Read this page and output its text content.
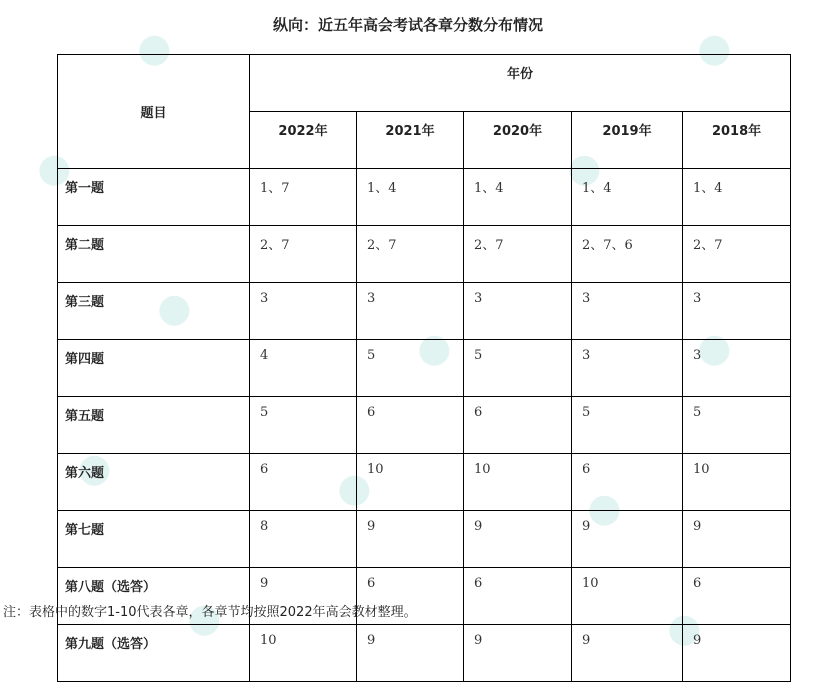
纵向：近五年高会考试各章分数分布情况
题目	年份				
	2022年	2021年	2020年	2019年	2018年
第一题	1、7	1、4	1、4	1、4	1、4
第二题	2、7	2、7	2、7	2、7、6	2、7
第三题	3	3	3	3	3
第四题	4	5	5	3	3
第五题	5	6	6	5	5
第六题	6	10	10	6	10
第七题	8	9	9	9	9
第八题（选答）	9	6	6	10	6
第九题（选答）	10	9	9	9	9
注：表格中的数字1-10代表各章，各章节均按照2022年高会教材整理。
